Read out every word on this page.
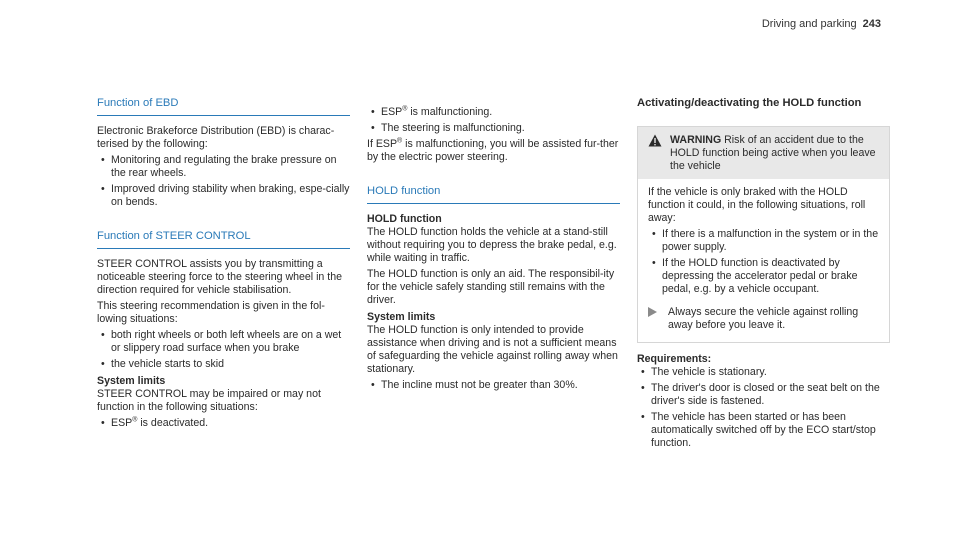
Driving and parking 243
Function of EBD

Electronic Brakeforce Distribution (EBD) is charac-terised by the following:

• Monitoring and regulating the brake pressure on the rear wheels.
• Improved driving stability when braking, espe-cially on bends.
Function of STEER CONTROL

STEER CONTROL assists you by transmitting a noticeable steering force to the steering wheel in the direction required for vehicle stabilisation.

This steering recommendation is given in the fol-lowing situations:

• both right wheels or both left wheels are on a wet or slippery road surface when you brake
• the vehicle starts to skid
System limits

STEER CONTROL may be impaired or may not function in the following situations:

• ESP® is deactivated.
• ESP® is malfunctioning.
• The steering is malfunctioning.

If ESP® is malfunctioning, you will be assisted fur-ther by the electric power steering.

HOLD function
HOLD function

The HOLD function holds the vehicle at a stand-still without requiring you to depress the brake pedal, e.g. while waiting in traffic.

The HOLD function is only an aid. The responsibil-ity for the vehicle safely standing still remains with the driver.

System limits

The HOLD function is only intended to provide assistance when driving and is not a sufficient means of safeguarding the vehicle against rolling away when stationary.

• The incline must not be greater than 30%.
Activating/deactivating the HOLD function
WARNING Risk of an accident due to the HOLD function being active when you leave the vehicle

If the vehicle is only braked with the HOLD function it could, in the following situations, roll away:

• If there is a malfunction in the system or in the power supply.
• If the HOLD function is deactivated by depressing the accelerator pedal or brake pedal, e.g. by a vehicle occupant.
Always secure the vehicle against rolling away before you leave it.
Requirements:
• The vehicle is stationary.
• The driver's door is closed or the seat belt on the driver's side is fastened.
• The vehicle has been started or has been automatically switched off by the ECO start/stop function.
